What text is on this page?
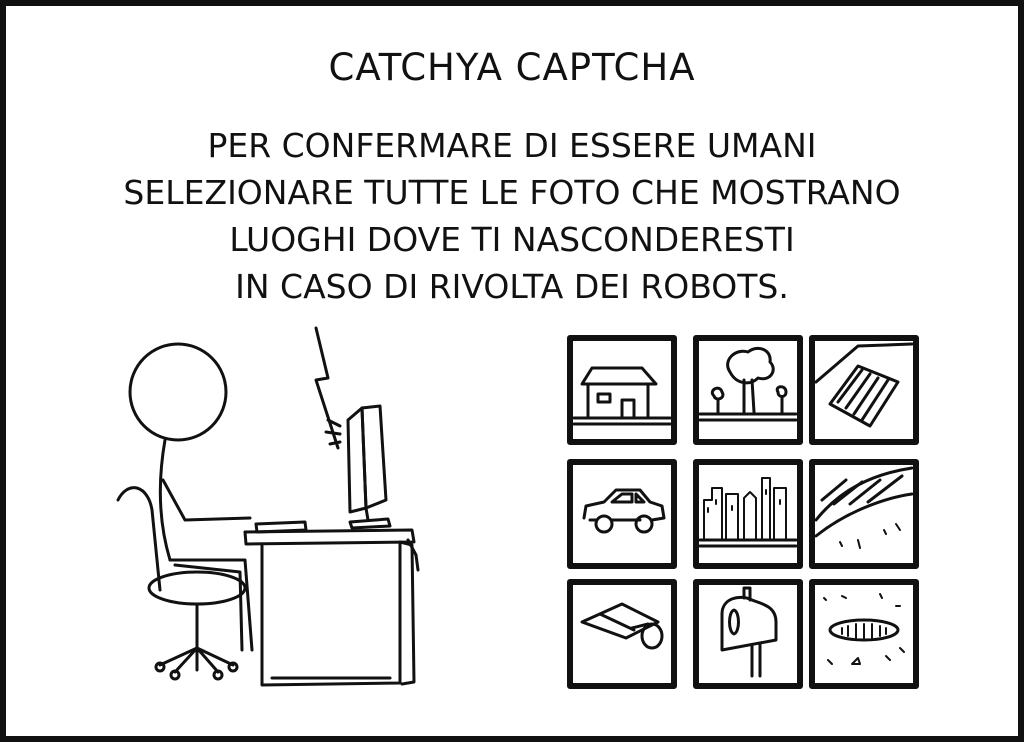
CATCHYA CAPTCHA
PER CONFERMARE DI ESSERE UMANI
SELEZIONARE TUTTE LE FOTO CHE MOSTRANO
LUOGHI DOVE TI NASCONDERESTI
IN CASO DI RIVOLTA DEI ROBOTS.
